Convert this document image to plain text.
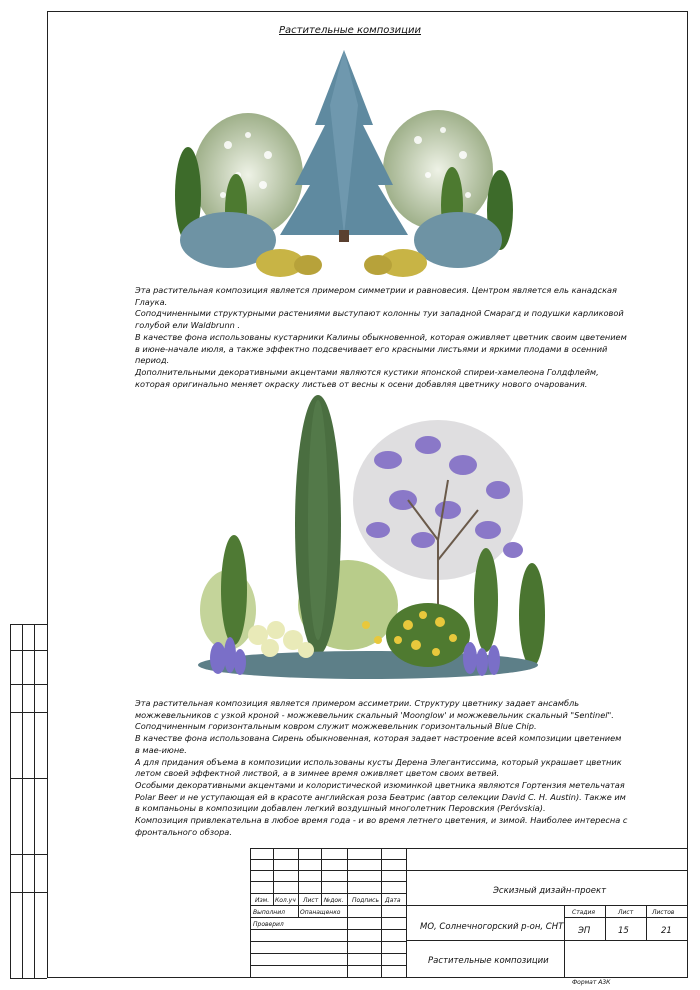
Растительные композиции
Эта растительная композиция является примером симметрии и равновесия. Центром является ель канадская
Глаука.
Соподчиненными структурными растениями выступают колонны туи западной Смарагд и подушки карликовой
голубой ели Waldbrunn .
В качестве фона использованы кустарники Калины обыкновенной, которая оживляет цветник своим цветением
в июне-начале июля, а также эффектно подсвечивает его красными листьями и яркими плодами в осенний
период.
Дополнительными декоративными акцентами являются кустики японской спиреи-хамелеона Голдфлейм,
которая оригинально меняет окраску листьев от весны к осени добавляя цветнику нового очарования.
Эта растительная композиция является примером ассиметрии. Структуру цветнику задает ансамбль
можжевельников с узкой кроной - можжевельник скальный 'Moonglow' и можжевельник скальный "Sentinel".
Соподчиненным горизонтальным ковром служит можжевельник горизонтальный Blue Chip.
В качестве фона использована Сирень обыкновенная, которая задает настроение всей композиции цветением
в мае-июне.
А для придания объема в композиции использованы кусты Дерена Элегантиссима, который украшает цветник
летом своей эффектной листвой, а в зимнее время оживляет цветом своих ветвей.
Особыми декоративными акцентами и колористической изюминкой цветника являются Гортензия метельчатая
Polar Beer и не уступающая ей в красоте английская роза Беатрис (автор селекции David C. H. Austin). Также им
в компаньоны в композиции добавлен легкий воздушный многолетник Перовския (Perо́vskia).
Композиция привлекательна в любое время года - и во время летнего цветения, и зимой. Наиболее интересна с
фронтального обзора.
Изм. Кол.уч Лист №док. Подпись Дата
Выполнил	Опанащенко
Проверил
Эскизный дизайн-проект
МО, Солнечногорский р-он, СНТ
Стадия	Лист	Листов
ЭП	15	21
Растительные композиции
Формат А3К
